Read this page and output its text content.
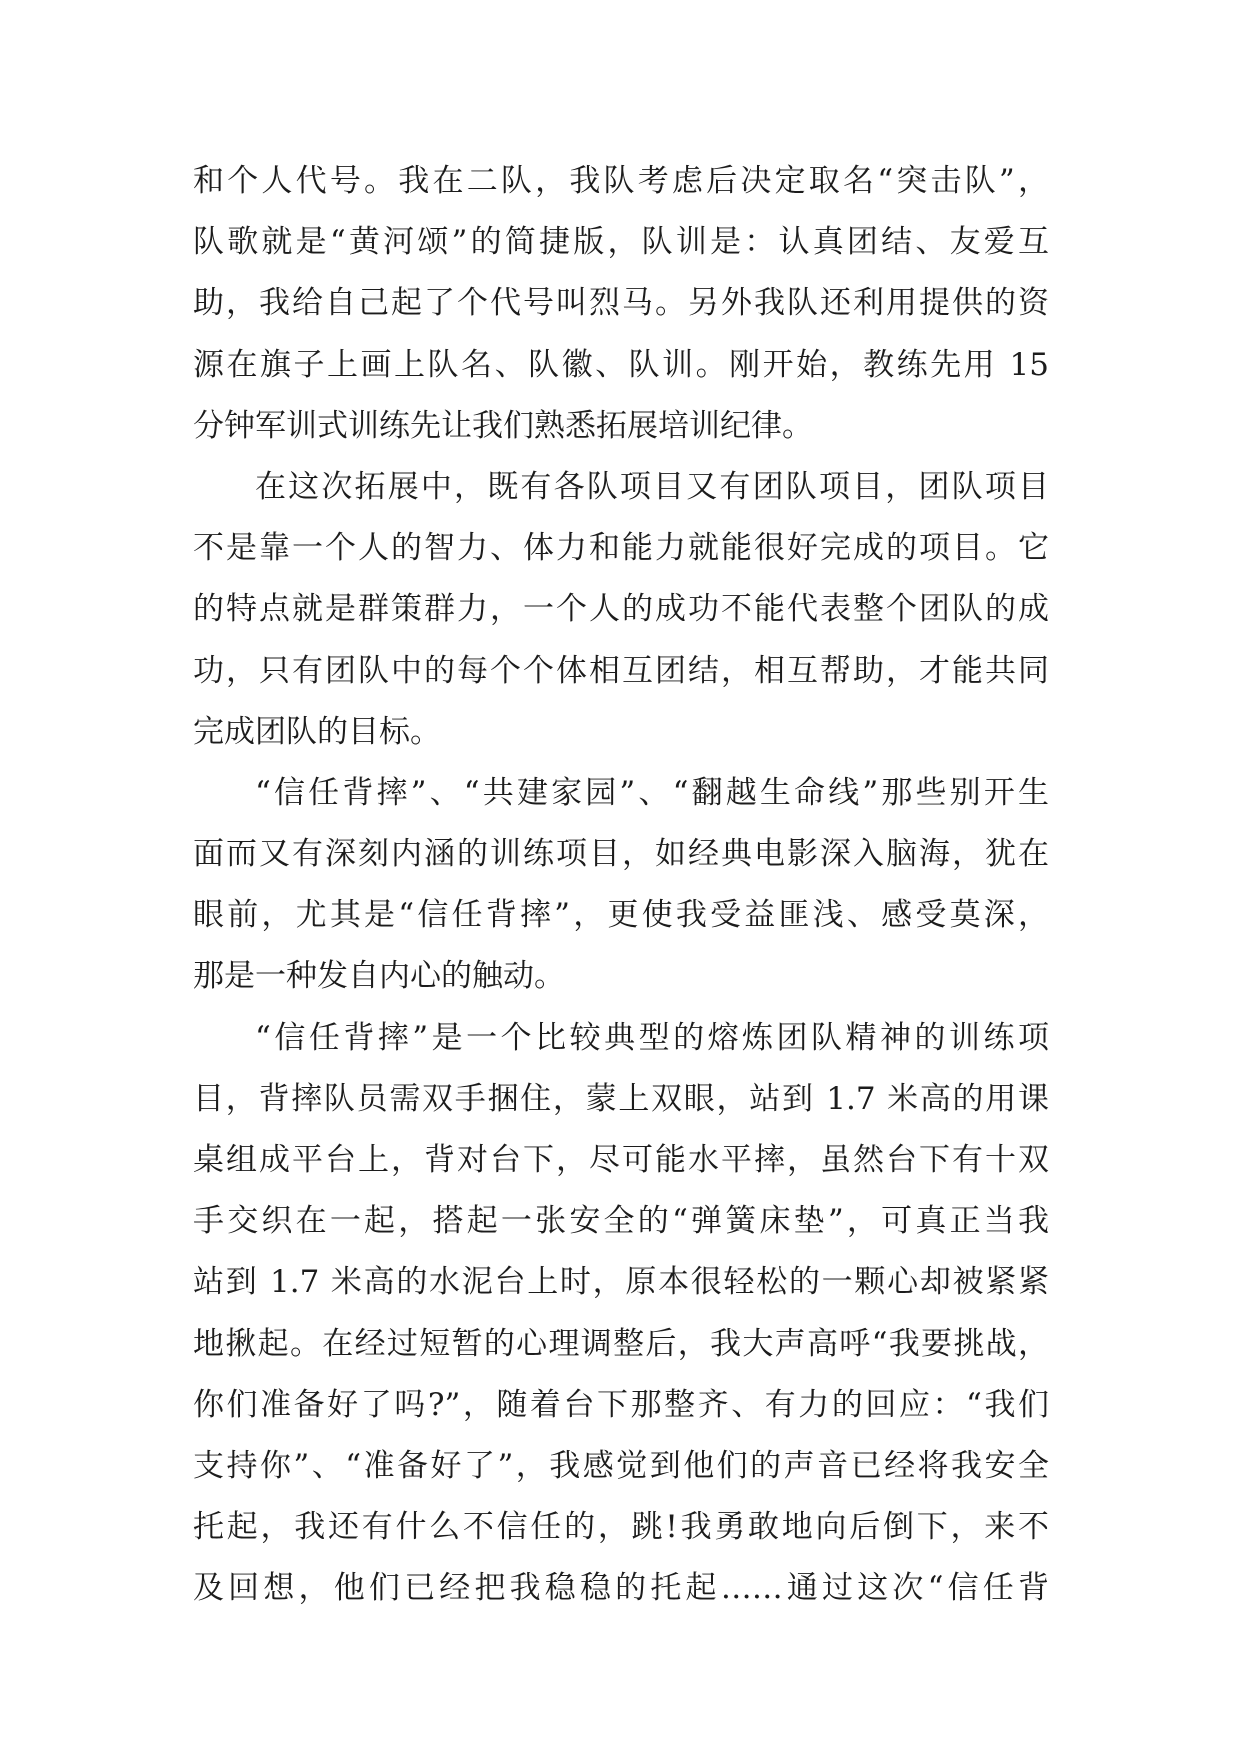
和个人代号。我在二队，我队考虑后决定取名“突击队”，
队歌就是“黄河颂”的简捷版，队训是：认真团结、友爱互
助，我给自己起了个代号叫烈马。另外我队还利用提供的资
源在旗子上画上队名、队徽、队训。刚开始，教练先用 15
分钟军训式训练先让我们熟悉拓展培训纪律。
在这次拓展中，既有各队项目又有团队项目，团队项目
不是靠一个人的智力、体力和能力就能很好完成的项目。它
的特点就是群策群力，一个人的成功不能代表整个团队的成
功，只有团队中的每个个体相互团结，相互帮助，才能共同
完成团队的目标。
“信任背摔”、“共建家园”、“翻越生命线”那些别开生
面而又有深刻内涵的训练项目，如经典电影深入脑海，犹在
眼前，尤其是“信任背摔”，更使我受益匪浅、感受莫深，
那是一种发自内心的触动。
“信任背摔”是一个比较典型的熔炼团队精神的训练项
目，背摔队员需双手捆住，蒙上双眼，站到 1.7 米高的用课
桌组成平台上，背对台下，尽可能水平摔，虽然台下有十双
手交织在一起，搭起一张安全的“弹簧床垫”，可真正当我
站到 1.7 米高的水泥台上时，原本很轻松的一颗心却被紧紧
地揪起。在经过短暂的心理调整后，我大声高呼“我要挑战，
你们准备好了吗?”，随着台下那整齐、有力的回应：“我们
支持你”、“准备好了”，我感觉到他们的声音已经将我安全
托起，我还有什么不信任的，跳!我勇敢地向后倒下，来不
及回想，他们已经把我稳稳的托起……通过这次“信任背
